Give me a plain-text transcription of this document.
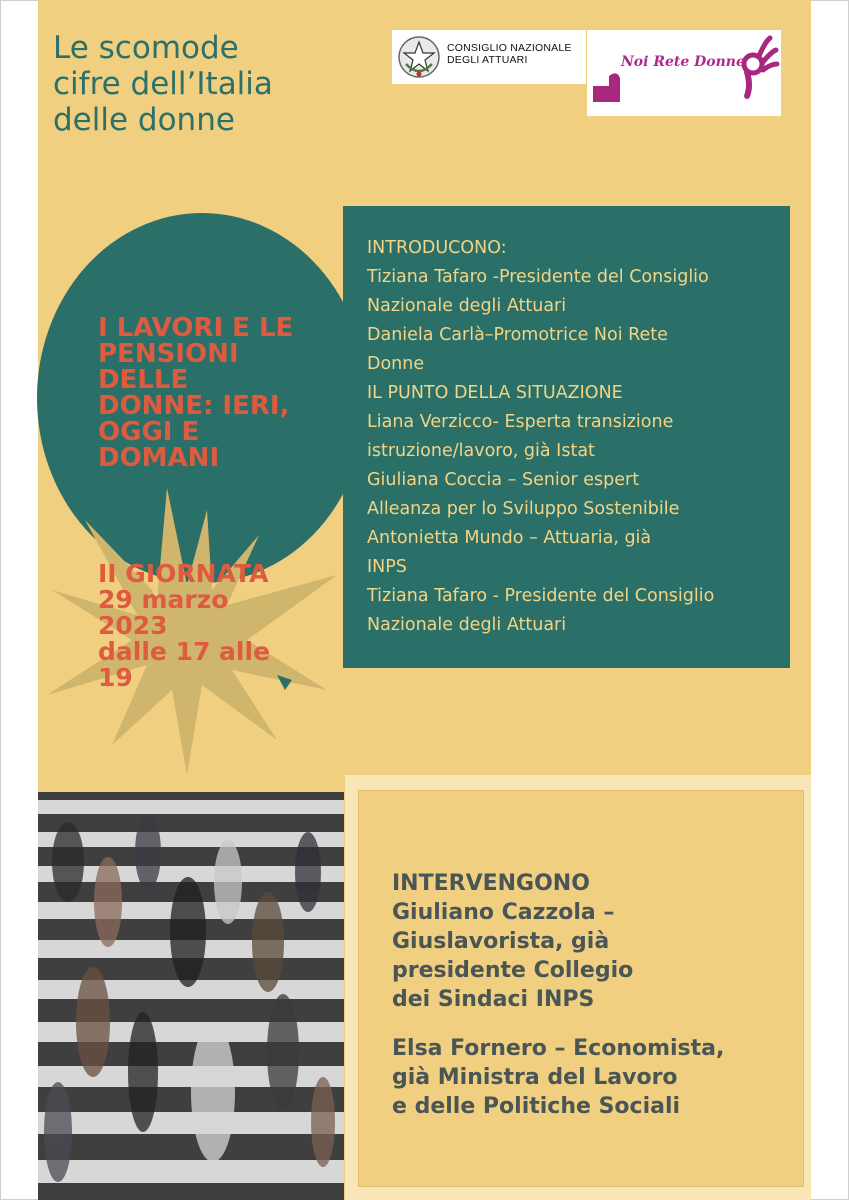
Le scomode
cifre dell’Italia
delle donne
CONSIGLIO NAZIONALE
DEGLI ATTUARI	Noi Rete Donne
I LAVORI E LE
PENSIONI
DELLE
DONNE: IERI,
OGGI E
DOMANI
II GIORNATA
29 marzo
2023
dalle 17 alle
19
INTRODUCONO:
Tiziana Tafaro -Presidente del Consiglio
Nazionale degli Attuari
Daniela Carlà–Promotrice Noi Rete
Donne
IL PUNTO DELLA SITUAZIONE
Liana Verzicco- Esperta transizione
istruzione/lavoro, già Istat
Giuliana Coccia – Senior espert
Alleanza per lo Sviluppo Sostenibile
Antonietta Mundo – Attuaria, già
INPS
Tiziana Tafaro - Presidente del Consiglio
Nazionale degli Attuari
INTERVENGONO
Giuliano Cazzola –
Giuslavorista, già
presidente Collegio
dei Sindaci INPS
Elsa Fornero – Economista,
già Ministra del Lavoro
e delle Politiche Sociali
